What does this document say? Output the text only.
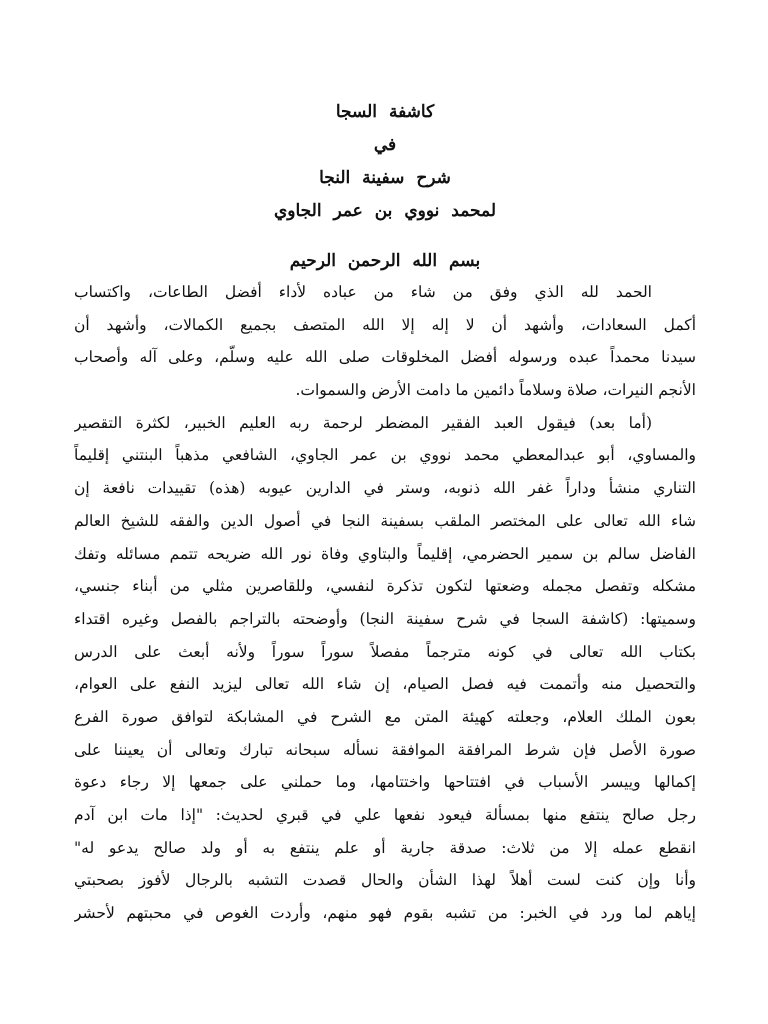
كاشفة السجا

في

شرح سفينة النجا

لمحمد نووي بن عمر الجاوي

بسم الله الرحمن الرحيم

الحمد لله الذي وفق من شاء من عباده لأداء أفضل الطاعات، واكتساب

أكمل السعادات، وأشهد أن لا إله إلا الله المتصف بجميع الكمالات، وأشهد أن

سيدنا محمداً عبده ورسوله أفضل المخلوقات صلى الله عليه وسلّم، وعلى آله وأصحاب

الأنجم النيرات، صلاة وسلاماً دائمين ما دامت الأرض والسموات.

(أما بعد) فيقول العبد الفقير المضطر لرحمة ربه العليم الخبير، لكثرة التقصير

والمساوي، أبو عبدالمعطي محمد نووي بن عمر الجاوي، الشافعي مذهباً البنتني إقليماً

التناري منشأ وداراً غفر الله ذنوبه، وستر في الدارين عيوبه (هذه) تقييدات نافعة إن

شاء الله تعالى على المختصر الملقب بسفينة النجا في أصول الدين والفقه للشيخ العالم

الفاضل سالم بن سمير الحضرمي، إقليماً والبتاوي وفاة نور الله ضريحه تتمم مسائله وتفك

مشكله وتفصل مجمله وضعتها لتكون تذكرة لنفسي، وللقاصرين مثلي من أبناء جنسي،

وسميتها: (كاشفة السجا في شرح سفينة النجا) وأوضحته بالتراجم بالفصل وغيره اقتداء

بكتاب الله تعالى في كونه مترجماً مفصلاً سوراً سوراً ولأنه أبعث على الدرس

والتحصيل منه وأتممت فيه فصل الصيام، إن شاء الله تعالى ليزيد النفع على العوام،

بعون الملك العلام، وجعلته كهيئة المتن مع الشرح في المشابكة لتوافق صورة الفرع

صورة الأصل فإن شرط المرافقة الموافقة نسأله سبحانه تبارك وتعالى أن يعيننا على

إكمالها وييسر الأسباب في افتتاحها واختتامها، وما حملني على جمعها إلا رجاء دعوة

رجل صالح ينتفع منها بمسألة فيعود نفعها علي في قبري لحديث: "إذا مات ابن آدم

انقطع عمله إلا من ثلاث: صدقة جارية أو علم ينتفع به أو ولد صالح يدعو له"

وأنا وإن كنت لست أهلاً لهذا الشأن والحال قصدت التشبه بالرجال لأفوز بصحبتي

إياهم لما ورد في الخبر: من تشبه بقوم فهو منهم، وأردت الغوص في محبتهم لأحشر
